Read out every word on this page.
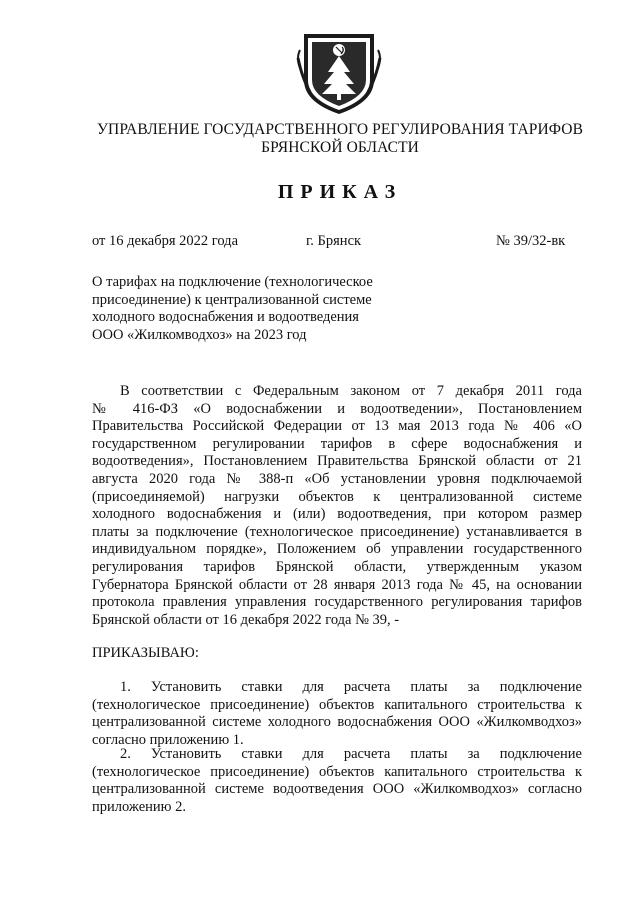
УПРАВЛЕНИЕ ГОСУДАРСТВЕННОГО РЕГУЛИРОВАНИЯ ТАРИФОВ
БРЯНСКОЙ ОБЛАСТИ
ПРИКАЗ
от 16 декабря 2022 года	г. Брянск	№ 39/32-вк
О тарифах на подключение (технологическое
присоединение) к централизованной системе
холодного водоснабжения и водоотведения
ООО «Жилкомводхоз» на 2023 год
В соответствии с Федеральным законом от 7 декабря 2011 года
№ 416-ФЗ «О водоснабжении и водоотведении», Постановлением
Правительства Российской Федерации от 13 мая 2013 года № 406 «О
государственном регулировании тарифов в сфере водоснабжения и
водоотведения», Постановлением Правительства Брянской области от 21
августа 2020 года № 388-п «Об установлении уровня подключаемой
(присоединяемой) нагрузки объектов к централизованной системе
холодного водоснабжения и (или) водоотведения, при котором размер
платы за подключение (технологическое присоединение) устанавливается в
индивидуальном порядке», Положением об управлении государственного
регулирования тарифов Брянской области, утвержденным указом
Губернатора Брянской области от 28 января 2013 года № 45, на основании
протокола правления управления государственного регулирования тарифов
Брянской области от 16 декабря 2022 года № 39, -
ПРИКАЗЫВАЮ:
1. Установить ставки для расчета платы за подключение
(технологическое присоединение) объектов капитального строительства к
централизованной системе холодного водоснабжения ООО «Жилкомводхоз»
согласно приложению 1.
2. Установить ставки для расчета платы за подключение
(технологическое присоединение) объектов капитального строительства к
централизованной системе водоотведения ООО «Жилкомводхоз» согласно
приложению 2.
